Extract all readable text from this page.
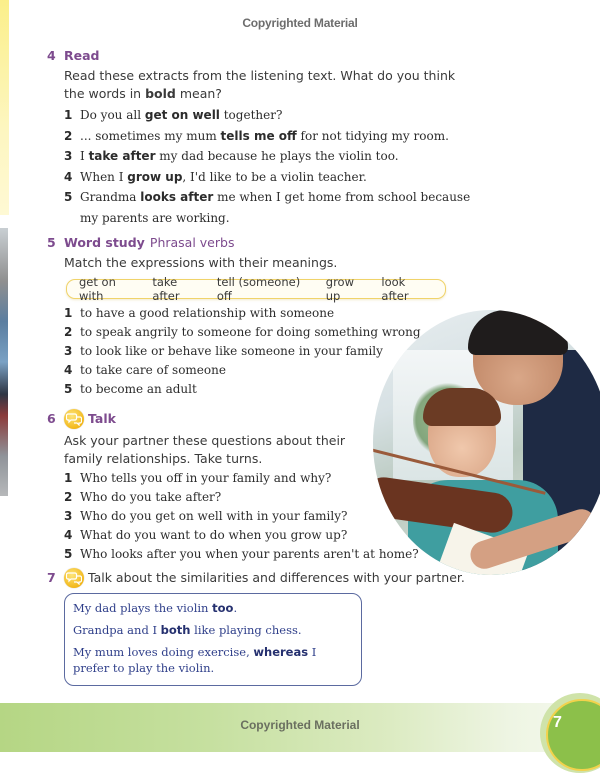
Copyrighted Material
4 Read
Read these extracts from the listening text. What do you think
the words in bold mean?
1 Do you all get on well together?
2 ... sometimes my mum tells me off for not tidying my room.
3 I take after my dad because he plays the violin too.
4 When I grow up, I'd like to be a violin teacher.
5 Grandma looks after me when I get home from school because
my parents are working.
5 Word study Phrasal verbs
Match the expressions with their meanings.
get on with
take after
tell (someone) off
grow up
look after
1 to have a good relationship with someone
2 to speak angrily to someone for doing something wrong
3 to look like or behave like someone in your family
4 to take care of someone
5 to become an adult
6	Talk
Ask your partner these questions about their
family relationships. Take turns.
1 Who tells you off in your family and why?
2 Who do you take after?
3 Who do you get on well with in your family?
4 What do you want to do when you grow up?
5 Who looks after you when your parents aren't at home?
7	Talk about the similarities and differences with your partner.

My dad plays the violin too.

Grandpa and I both like playing chess.

My mum loves doing exercise, whereas I prefer to play the violin.

Copyrighted Material	7
